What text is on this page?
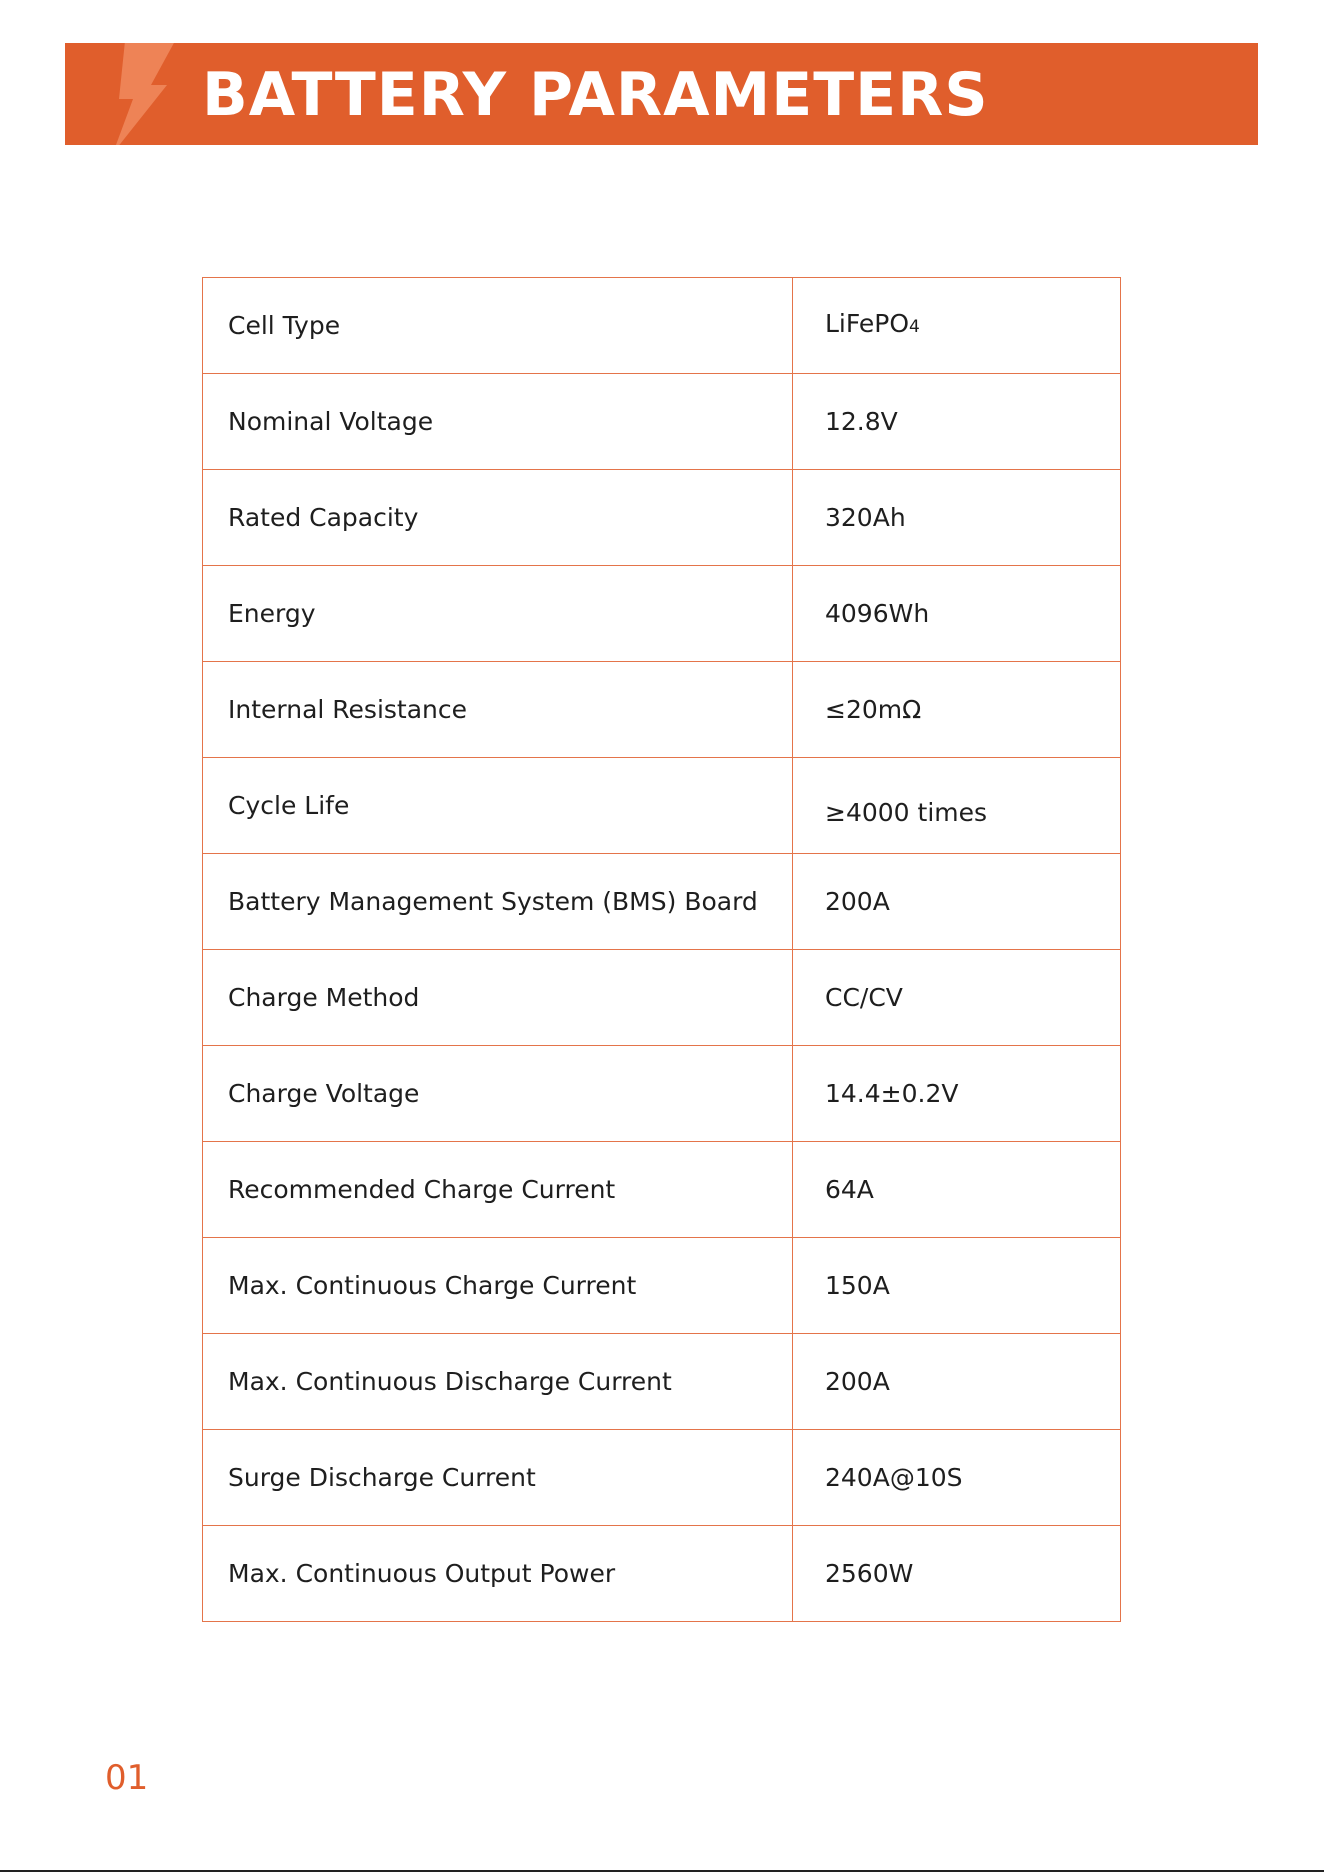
BATTERY PARAMETERS
Cell Type	LiFePO4
Nominal Voltage	12.8V
Rated Capacity	320Ah
Energy	4096Wh
Internal Resistance	≤20mΩ
Cycle Life	≥4000 times
Battery Management System (BMS) Board	200A
Charge Method	CC/CV
Charge Voltage	14.4±0.2V
Recommended Charge Current	64A
Max. Continuous Charge Current	150A
Max. Continuous Discharge Current	200A
Surge Discharge Current	240A@10S
Max. Continuous Output Power	2560W

01
